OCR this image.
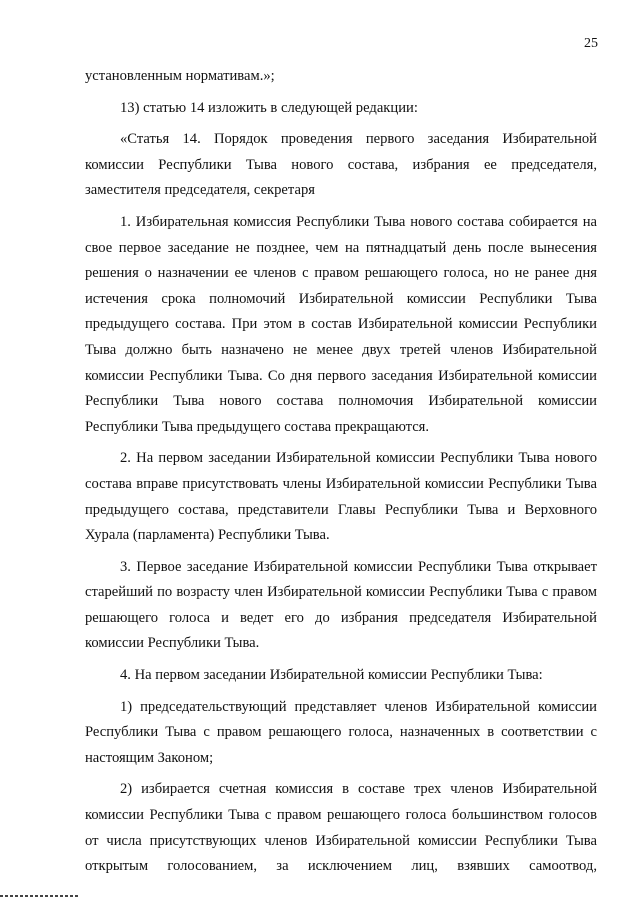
25

установленным нормативам.»;

13) статью 14 изложить в следующей редакции:

«Статья 14. Порядок проведения первого заседания Избирательной комиссии Республики Тыва нового состава, избрания ее председателя, заместителя председателя, секретаря

1. Избирательная комиссия Республики Тыва нового состава собирается на свое первое заседание не позднее, чем на пятнадцатый день после вынесения решения о назначении ее членов с правом решающего голоса, но не ранее дня истечения срока полномочий Избирательной комиссии Республики Тыва предыдущего состава. При этом в состав Избирательной комиссии Республики Тыва должно быть назначено не менее двух третей членов Избирательной комиссии Республики Тыва. Со дня первого заседания Избирательной комиссии Республики Тыва нового состава полномочия Избирательной комиссии Республики Тыва предыдущего состава прекращаются.

2. На первом заседании Избирательной комиссии Республики Тыва нового состава вправе присутствовать члены Избирательной комиссии Республики Тыва предыдущего состава, представители Главы Республики Тыва и Верховного Хурала (парламента) Республики Тыва.

3. Первое заседание Избирательной комиссии Республики Тыва открывает старейший по возрасту член Избирательной комиссии Республики Тыва с правом решающего голоса и ведет его до избрания председателя Избирательной комиссии Республики Тыва.

4. На первом заседании Избирательной комиссии Республики Тыва:

1) председательствующий представляет членов Избирательной комиссии Республики Тыва с правом решающего голоса, назначенных в соответствии с настоящим Законом;

2) избирается счетная комиссия в составе трех членов Избирательной комиссии Республики Тыва с правом решающего голоса большинством голосов от числа присутствующих членов Избирательной комиссии Республики Тыва открытым голосованием, за исключением лиц, взявших самоотвод,
